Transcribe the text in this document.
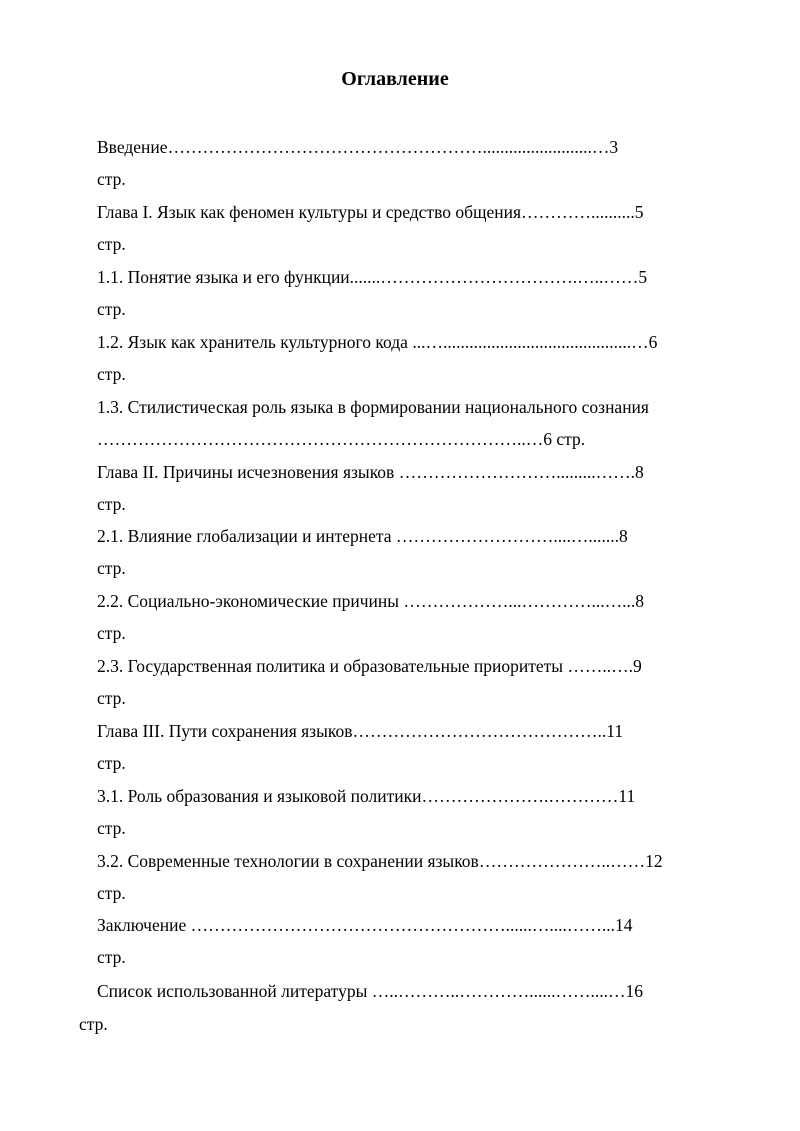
Оглавление
Введение……………………………………………….........................…3
стр.
Глава I. Язык как феномен культуры и средство общения…………..........5
стр.
1.1. Понятие языка и его функции.......…………………………….…..……5
стр.
1.2. Язык как хранитель культурного кода ...…...........................................…6
стр.
1.3. Стилистическая роль языка в формировании национального сознания
………………………………………………………………..…6 стр.
Глава II. Причины исчезновения языков ……………………….........…….8
стр.
2.1. Влияние глобализации и интернета ………………………....….......8
стр.
2.2. Социально-экономические причины ………………...…………...…...8
стр.
2.3. Государственная политика и образовательные приоритеты ……..….9
стр.
Глава III. Пути сохранения языков……………………………………..11
стр.
3.1. Роль образования и языковой политики………………….…………11
стр.
3.2. Современные технологии в сохранении языков…………………..……12
стр.
Заключение ………………………………………………......…....……...14
стр.
Список использованной литературы …..………..…………......……....…16
стр.
